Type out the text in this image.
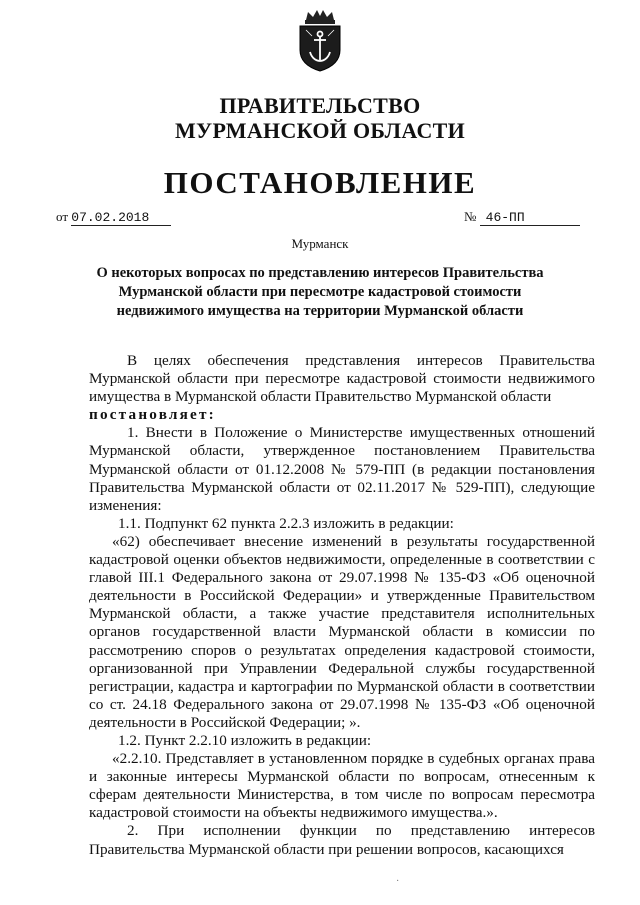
ПРАВИТЕЛЬСТВО
МУРМАНСКОЙ ОБЛАСТИ
ПОСТАНОВЛЕНИЕ
от 07.02.2018	№ 46-ПП
Мурманск
О некоторых вопросах по представлению интересов Правительства
Мурманской области при пересмотре кадастровой стоимости
недвижимого имущества на территории Мурманской области

В целях обеспечения представления интересов Правительства Мурманской области при пересмотре кадастровой стоимости недвижимого имущества в Мурманской области Правительство Мурманской области
постановляет:

1. Внести в Положение о Министерстве имущественных отношений Мурманской области, утвержденное постановлением Правительства Мурманской области от 01.12.2008 № 579-ПП (в редакции постановления Правительства Мурманской области от 02.11.2017 № 529-ПП), следующие изменения:

1.1. Подпункт 62 пункта 2.2.3 изложить в редакции:

«62) обеспечивает внесение изменений в результаты государственной кадастровой оценки объектов недвижимости, определенные в соответствии с главой III.1 Федерального закона от 29.07.1998 № 135-ФЗ «Об оценочной деятельности в Российской Федерации» и утвержденные Правительством Мурманской области, а также участие представителя исполнительных органов государственной власти Мурманской области в комиссии по рассмотрению споров о результатах определения кадастровой стоимости, организованной при Управлении Федеральной службы государственной регистрации, кадастра и картографии по Мурманской области в соответствии со ст. 24.18 Федерального закона от 29.07.1998 № 135-ФЗ «Об оценочной деятельности в Российской Федерации; ».

1.2. Пункт 2.2.10 изложить в редакции:

«2.2.10. Представляет в установленном порядке в судебных органах права и законные интересы Мурманской области по вопросам, отнесенным к сферам деятельности Министерства, в том числе по вопросам пересмотра кадастровой стоимости на объекты недвижимого имущества.».

2. При исполнении функции по представлению интересов Правительства Мурманской области при решении вопросов, касающихся

·
